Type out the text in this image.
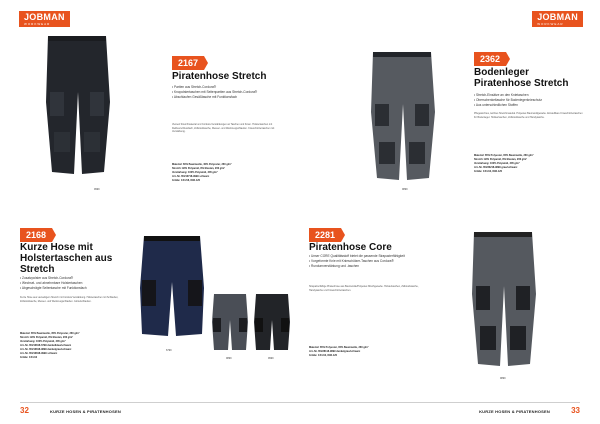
JOBMAN
WORKWEAR
JOBMAN
WORKWEAR
9999
2167
Piratenhose Stretch
• Partien aus Stretch-Cordura®
• Knopolstertaschen mit Seitenpartien aus Stretch-Cordura®
• Abschlaufen Gesäßtasche mit Funktionsfach
Vierseit Stretchmaterial und Cordura Verstärkungen an Taschen und Knien. Holstertaschen mit Reißverschlussfach, Zollstocktasche, Messer- und Werkzeugschlaufen. Knieschützertaschen mit Verstärkung.
Material: 60% Baumwolle, 40% Polyester, 260 g/m²
Stretch: 92% Polyamid, 8% Elastan, 260 g/m²
Verstärkung: 100% Polyamid, 235 g/m²
Art.-Nr. 65216718-9999 schwarz
Größe: C44-58, D96-120
9899
2362
Bodenleger Piratenhose Stretch
• Stretch-Einsätze an den Knietaschen
• Oberschenkeltasche für Bodenlegerknieschutz
• Aus unterschiedlichen Stoffen
Pflegeleichtes, leichtes Stretchmaterial. Polyester-Baumwollgewebe. Einstellbare Knieschützertaschen für Bodenleger. Holstertaschen, Zollstocktasche und Handytasche.
Material: 65% Polyester, 35% Baumwolle, 260 g/m²
Stretch: 92% Polyamid, 8% Elastan, 260 g/m²
Verstärkung: 100% Polyamid, 235 g/m²
Art.-Nr. 65236218-9899 grau/schwarz
Größe: C44-62, D96-120
2168
Kurze Hose mit Holstertaschen aus Stretch
• Zusatzpolster aus Stretch-Cordura®
• Wechsel- und abnehmbare Holstertaschen
• Abgeschrägte Seitentasche mit Funktionsfach
Kurze Hose aus vierseitigem Stretch mit Cordura Verstärkung. Holstertaschen mit Schlaufen, Zollstocktasche, Messer- und Werkzeugschlaufen. Gürtelschlaufen.
Material: 65% Baumwolle, 35% Polyester, 260 g/m²
Stretch: 92% Polyamid, 8% Elastan, 260 g/m²
Verstärkung: 100% Polyamid, 235 g/m²
Art.-Nr. 65216818-6799 dunkelblau/schwarz
Art.-Nr. 65216818-9899 dunkelgrau/schwarz
Art.-Nr. 65216818-9999 schwarz
Größe: C44-62
6799
9899	9999
2281
Piratenhose Core
• Unser CORE Qualitätsstoff bietet die passende Strapazierfähigkeit
• Vorgeformte Knie mit Knieschützer-Taschen aus Cordura®
• Rundumverstärkung und -taschen
Strapazierfähige Piratenhose aus Baumwolle/Polyester-Mischgewebe. Holstertaschen, Zollstocktasche, Handytasche und Knieschützertaschen.
Material: 65% Polyester, 35% Baumwolle, 260 g/m²
Art.-Nr. 65228118-9899 dunkelgrau/schwarz
Größe: C44-62, D96-120
9899
32	KURZE HOSEN & PIRATENHOSEN	KURZE HOSEN & PIRATENHOSEN	33
